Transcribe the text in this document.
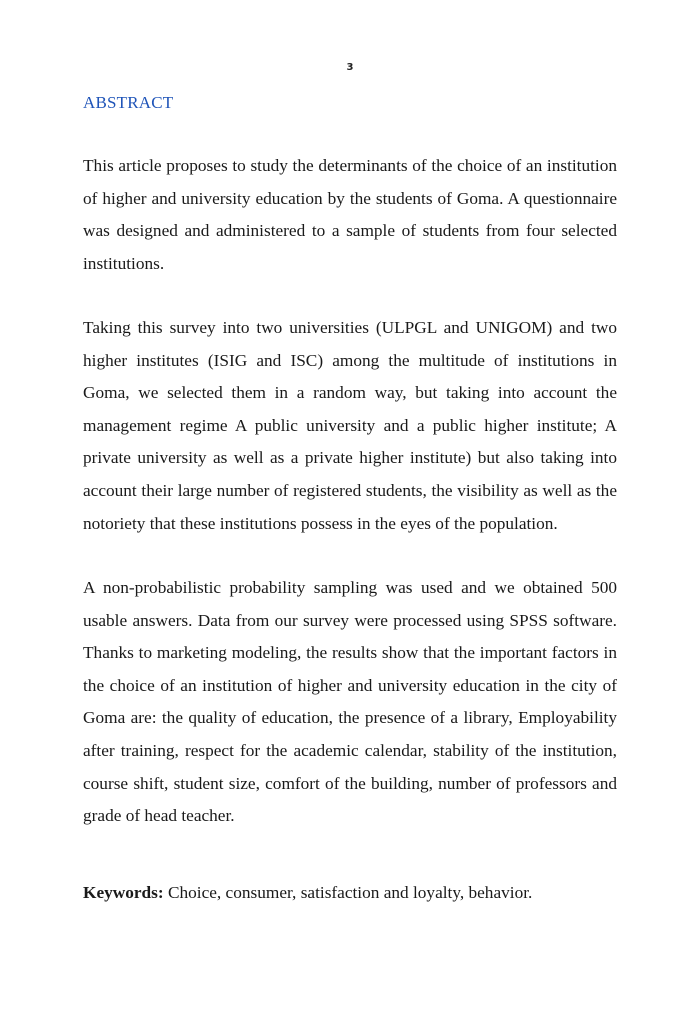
3
ABSTRACT

This article proposes to study the determinants of the choice of an institution of higher and university education by the students of Goma. A questionnaire was designed and administered to a sample of students from four selected institutions.

Taking this survey into two universities (ULPGL and UNIGOM) and two higher institutes (ISIG and ISC) among the multitude of institutions in Goma, we selected them in a random way, but taking into account the management regime A public university and a public higher institute; A private university as well as a private higher institute) but also taking into account their large number of registered students, the visibility as well as the notoriety that these institutions possess in the eyes of the population.

A non-probabilistic probability sampling was used and we obtained 500 usable answers. Data from our survey were processed using SPSS software. Thanks to marketing modeling, the results show that the important factors in the choice of an institution of higher and university education in the city of Goma are: the quality of education, the presence of a library, Employability after training, respect for the academic calendar, stability of the institution, course shift, student size, comfort of the building, number of professors and grade of head teacher.

Keywords: Choice, consumer, satisfaction and loyalty, behavior.
